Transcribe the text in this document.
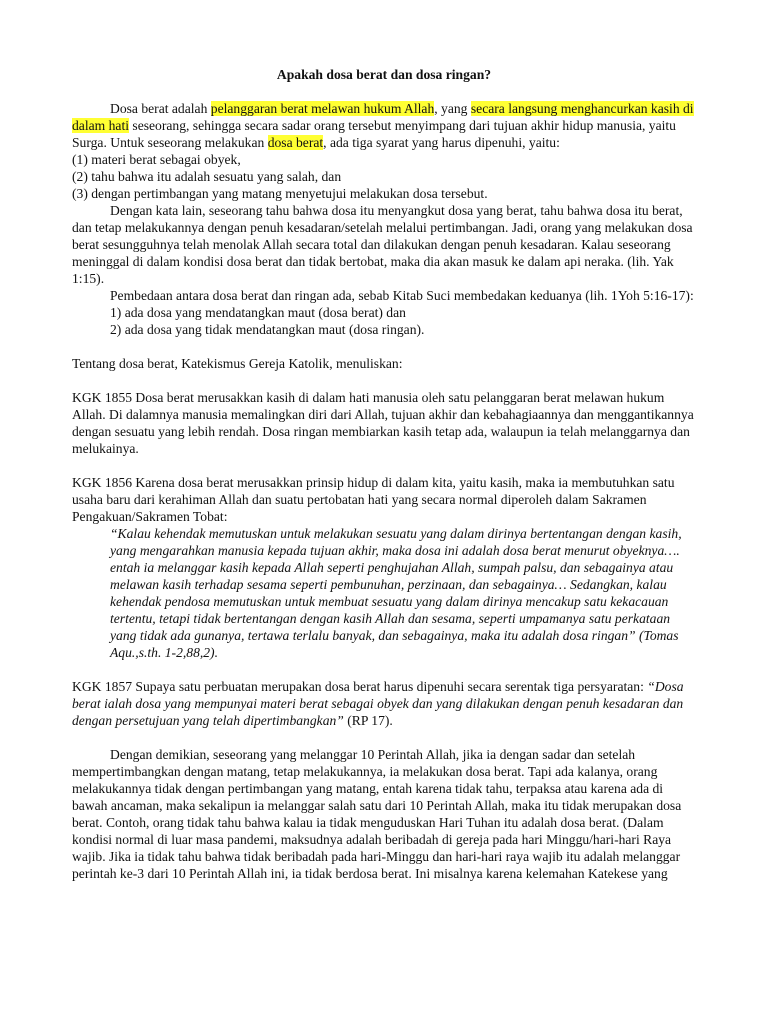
Apakah dosa berat dan dosa ringan?

Dosa berat adalah pelanggaran berat melawan hukum Allah, yang secara langsung menghancurkan kasih di dalam hati seseorang, sehingga secara sadar orang tersebut menyimpang dari tujuan akhir hidup manusia, yaitu Surga. Untuk seseorang melakukan dosa berat, ada tiga syarat yang harus dipenuhi, yaitu:

(1) materi berat sebagai obyek,

(2) tahu bahwa itu adalah sesuatu yang salah, dan

(3) dengan pertimbangan yang matang menyetujui melakukan dosa tersebut.

Dengan kata lain, seseorang tahu bahwa dosa itu menyangkut dosa yang berat, tahu bahwa dosa itu berat, dan tetap melakukannya dengan penuh kesadaran/setelah melalui pertimbangan. Jadi, orang yang melakukan dosa berat sesungguhnya telah menolak Allah secara total dan dilakukan dengan penuh kesadaran. Kalau seseorang meninggal di dalam kondisi dosa berat dan tidak bertobat, maka dia akan masuk ke dalam api neraka. (lih. Yak 1:15).

Pembedaan antara dosa berat dan ringan ada, sebab Kitab Suci membedakan keduanya (lih. 1Yoh 5:16-17):

1) ada dosa yang mendatangkan maut (dosa berat) dan

2) ada dosa yang tidak mendatangkan maut (dosa ringan).

Tentang dosa berat, Katekismus Gereja Katolik, menuliskan:

KGK 1855 Dosa berat merusakkan kasih di dalam hati manusia oleh satu pelanggaran berat melawan hukum Allah. Di dalamnya manusia memalingkan diri dari Allah, tujuan akhir dan kebahagiaannya dan menggantikannya dengan sesuatu yang lebih rendah. Dosa ringan membiarkan kasih tetap ada, walaupun ia telah melanggarnya dan melukainya.

KGK 1856 Karena dosa berat merusakkan prinsip hidup di dalam kita, yaitu kasih, maka ia membutuhkan satu usaha baru dari kerahiman Allah dan suatu pertobatan hati yang secara normal diperoleh dalam Sakramen Pengakuan/Sakramen Tobat:

“Kalau kehendak memutuskan untuk melakukan sesuatu yang dalam dirinya bertentangan dengan kasih, yang mengarahkan manusia kepada tujuan akhir, maka dosa ini adalah dosa berat menurut obyeknya…. entah ia melanggar kasih kepada Allah seperti penghujahan Allah, sumpah palsu, dan sebagainya atau melawan kasih terhadap sesama seperti pembunuhan, perzinaan, dan sebagainya… Sedangkan, kalau kehendak pendosa memutuskan untuk membuat sesuatu yang dalam dirinya mencakup satu kekacauan tertentu, tetapi tidak bertentangan dengan kasih Allah dan sesama, seperti umpamanya satu perkataan yang tidak ada gunanya, tertawa terlalu banyak, dan sebagainya, maka itu adalah dosa ringan” (Tomas Aqu.,s.th. 1-2,88,2).

KGK 1857 Supaya satu perbuatan merupakan dosa berat harus dipenuhi secara serentak tiga persyaratan: “Dosa berat ialah dosa yang mempunyai materi berat sebagai obyek dan yang dilakukan dengan penuh kesadaran dan dengan persetujuan yang telah dipertimbangkan” (RP 17).

Dengan demikian, seseorang yang melanggar 10 Perintah Allah, jika ia dengan sadar dan setelah mempertimbangkan dengan matang, tetap melakukannya, ia melakukan dosa berat. Tapi ada kalanya, orang melakukannya tidak dengan pertimbangan yang matang, entah karena tidak tahu, terpaksa atau karena ada di bawah ancaman, maka sekalipun ia melanggar salah satu dari 10 Perintah Allah, maka itu tidak merupakan dosa berat. Contoh, orang tidak tahu bahwa kalau ia tidak menguduskan Hari Tuhan itu adalah dosa berat. (Dalam kondisi normal di luar masa pandemi, maksudnya adalah beribadah di gereja pada hari Minggu/hari-hari Raya wajib. Jika ia tidak tahu bahwa tidak beribadah pada hari-Minggu dan hari-hari raya wajib itu adalah melanggar perintah ke-3 dari 10 Perintah Allah ini, ia tidak berdosa berat. Ini misalnya karena kelemahan Katekese yang
